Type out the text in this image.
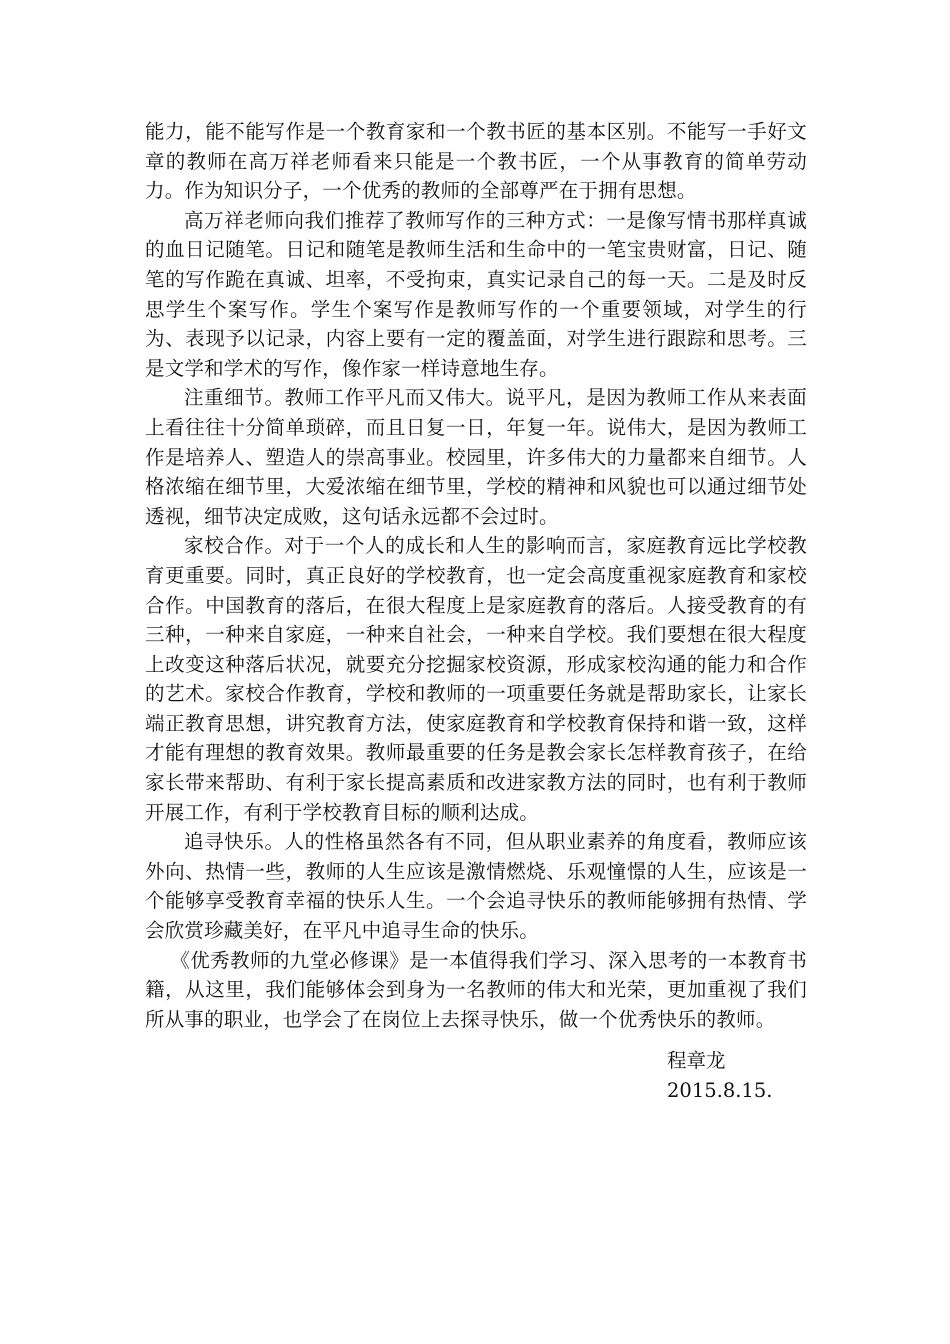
能力，能不能写作是一个教育家和一个教书匠的基本区别。不能写一手好文章的教师在高万祥老师看来只能是一个教书匠，一个从事教育的简单劳动力。作为知识分子，一个优秀的教师的全部尊严在于拥有思想。

高万祥老师向我们推荐了教师写作的三种方式：一是像写情书那样真诚的血日记随笔。日记和随笔是教师生活和生命中的一笔宝贵财富，日记、随笔的写作跪在真诚、坦率，不受拘束，真实记录自己的每一天。二是及时反思学生个案写作。学生个案写作是教师写作的一个重要领域，对学生的行为、表现予以记录，内容上要有一定的覆盖面，对学生进行跟踪和思考。三是文学和学术的写作，像作家一样诗意地生存。

注重细节。教师工作平凡而又伟大。说平凡，是因为教师工作从来表面上看往往十分简单琐碎，而且日复一日，年复一年。说伟大，是因为教师工作是培养人、塑造人的崇高事业。校园里，许多伟大的力量都来自细节。人格浓缩在细节里，大爱浓缩在细节里，学校的精神和风貌也可以通过细节处透视，细节决定成败，这句话永远都不会过时。

家校合作。对于一个人的成长和人生的影响而言，家庭教育远比学校教育更重要。同时，真正良好的学校教育，也一定会高度重视家庭教育和家校合作。中国教育的落后，在很大程度上是家庭教育的落后。人接受教育的有三种，一种来自家庭，一种来自社会，一种来自学校。我们要想在很大程度上改变这种落后状况，就要充分挖掘家校资源，形成家校沟通的能力和合作的艺术。家校合作教育，学校和教师的一项重要任务就是帮助家长，让家长端正教育思想，讲究教育方法，使家庭教育和学校教育保持和谐一致，这样才能有理想的教育效果。教师最重要的任务是教会家长怎样教育孩子，在给家长带来帮助、有利于家长提高素质和改进家教方法的同时，也有利于教师开展工作，有利于学校教育目标的顺利达成。

追寻快乐。人的性格虽然各有不同，但从职业素养的角度看，教师应该外向、热情一些，教师的人生应该是激情燃烧、乐观憧憬的人生，应该是一个能够享受教育幸福的快乐人生。一个会追寻快乐的教师能够拥有热情、学会欣赏珍藏美好，在平凡中追寻生命的快乐。

《优秀教师的九堂必修课》是一本值得我们学习、深入思考的一本教育书籍，从这里，我们能够体会到身为一名教师的伟大和光荣，更加重视了我们所从事的职业，也学会了在岗位上去探寻快乐，做一个优秀快乐的教师。

程章龙
2015.8.15.
